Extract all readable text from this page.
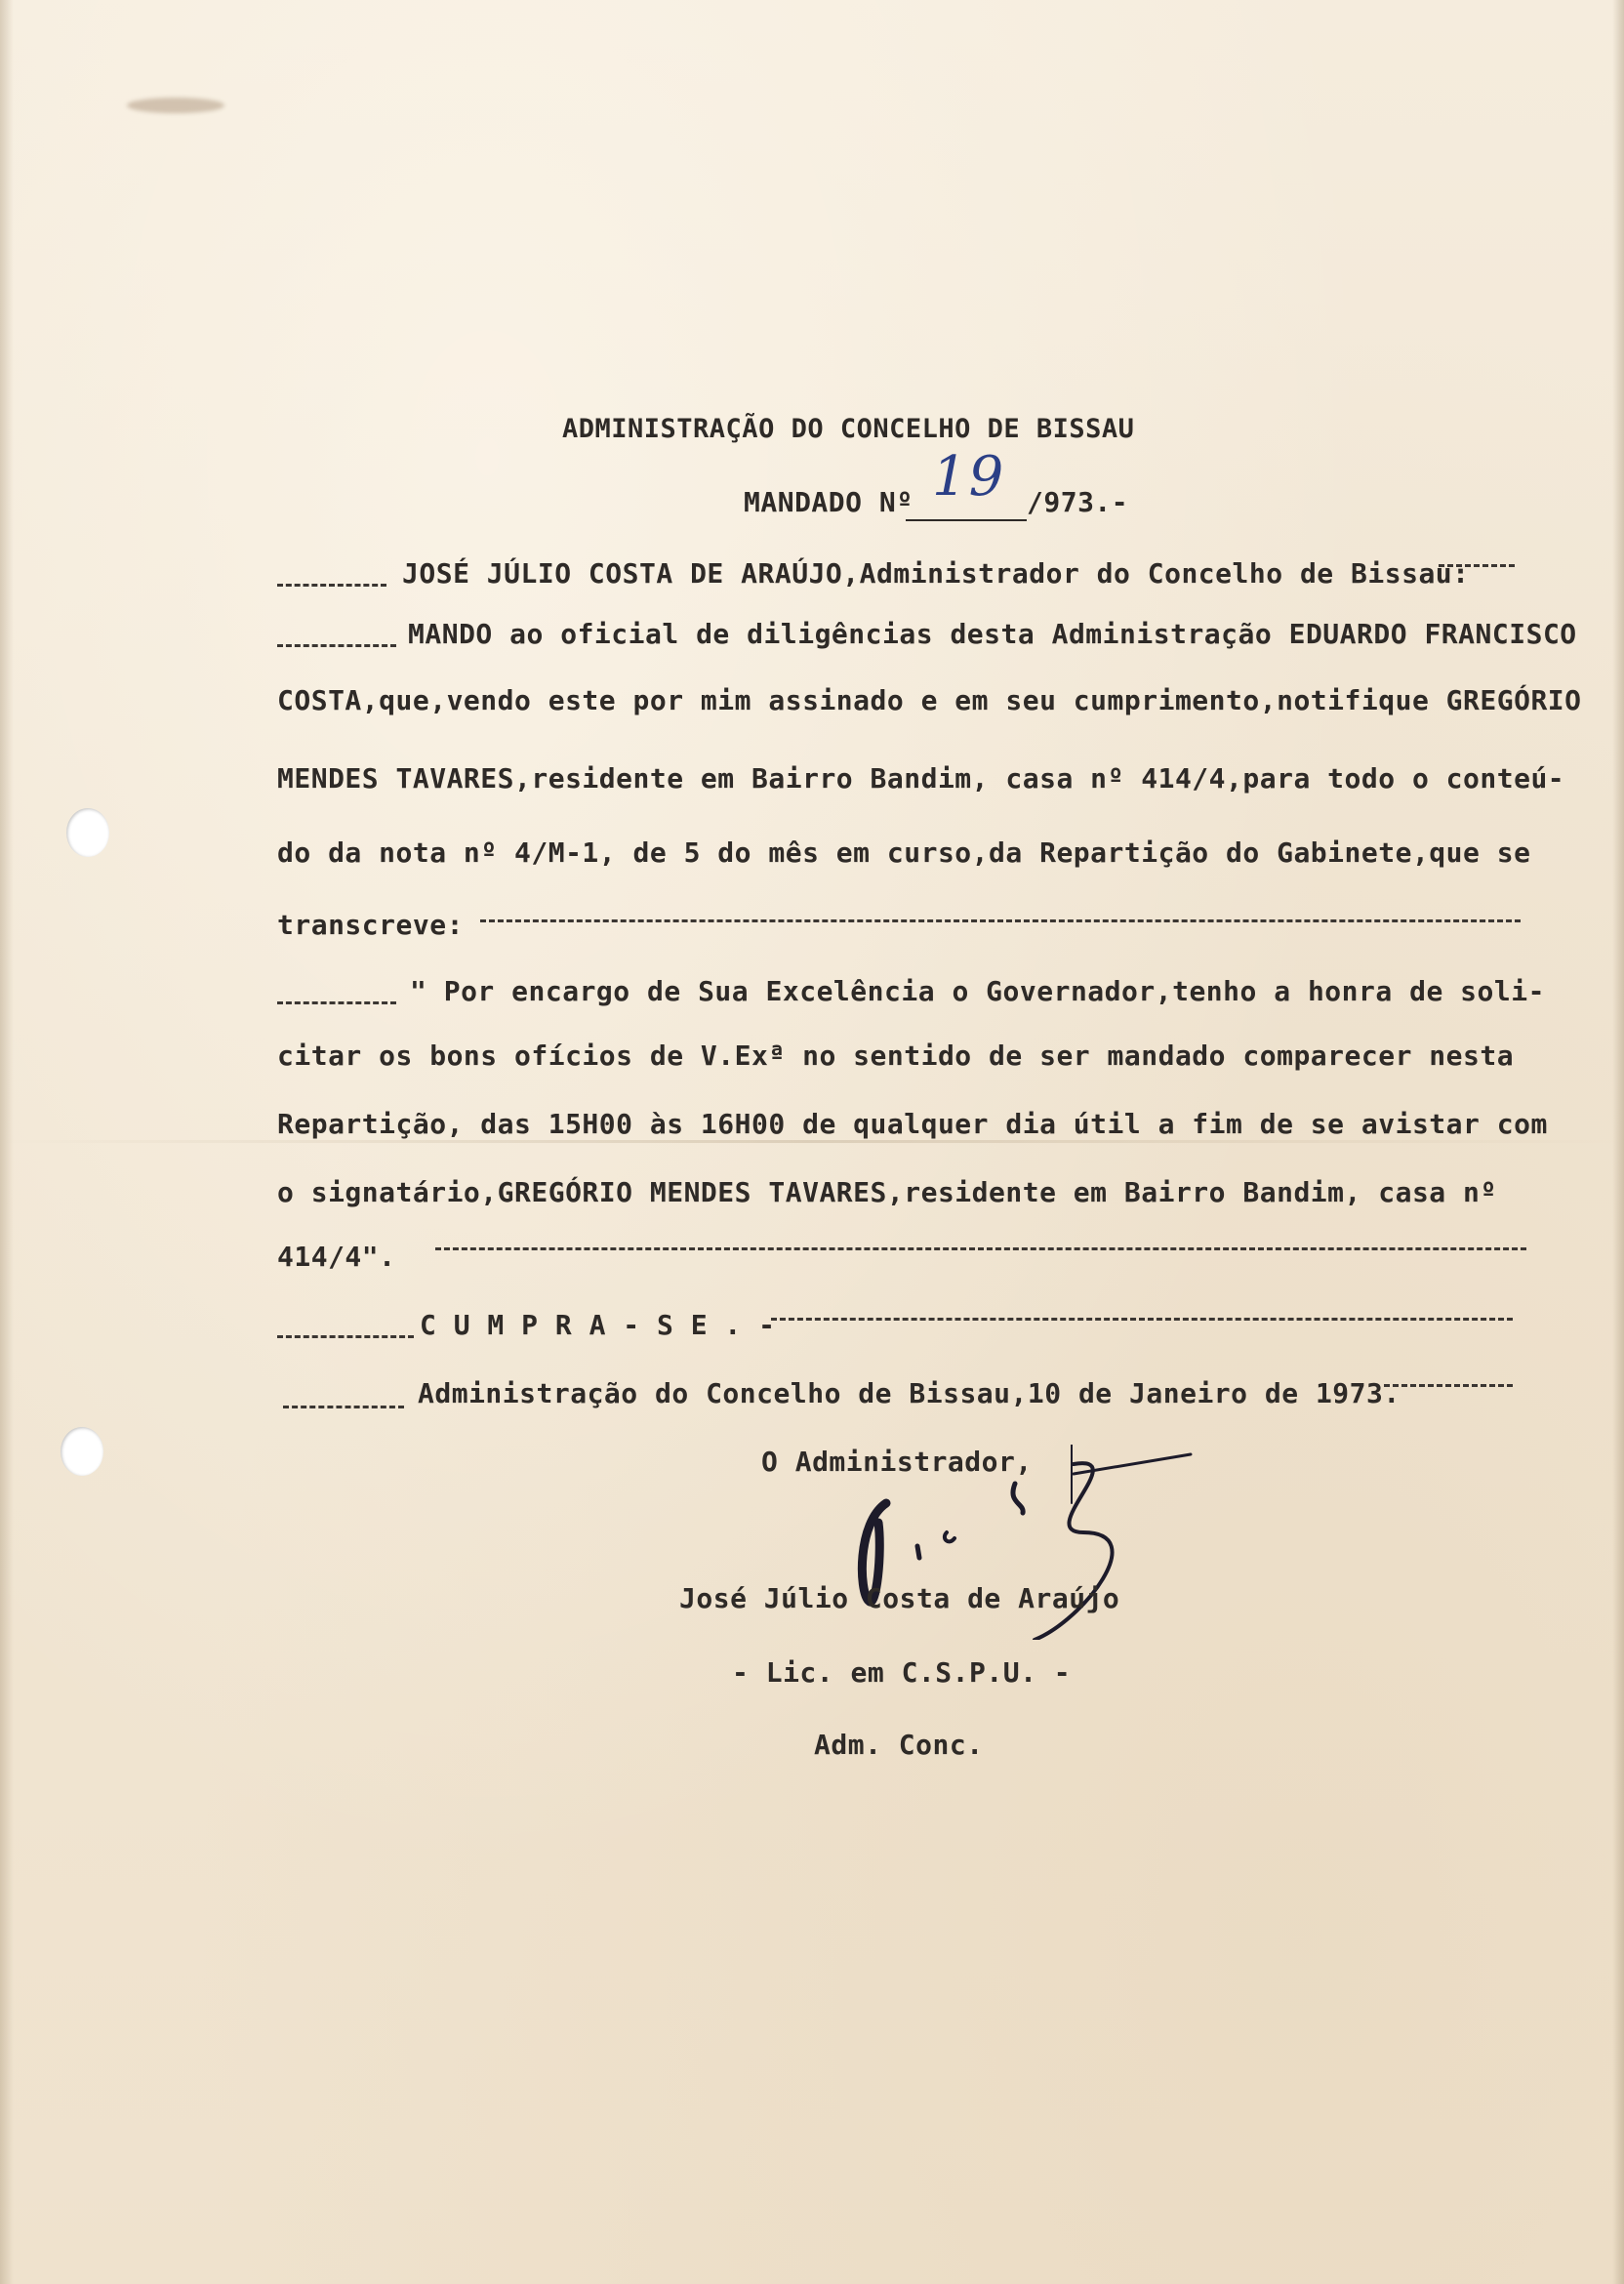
ADMINISTRAÇÃO DO CONCELHO DE BISSAU
MANDADO Nº 19 /973.-
JOSÉ JÚLIO COSTA DE ARAÚJO,Administrador do Concelho de Bissau:
MANDO ao oficial de diligências desta Administração EDUARDO FRANCISCO
COSTA,que,vendo este por mim assinado e em seu cumprimento,notifique GREGÓRIO
MENDES TAVARES,residente em Bairro Bandim, casa nº 414/4,para todo o conteú-
do da nota nº 4/M-1, de 5 do mês em curso,da Repartição do Gabinete,que se
transcreve:
" Por encargo de Sua Excelência o Governador,tenho a honra de soli-
citar os bons ofícios de V.Exª no sentido de ser mandado comparecer nesta
Repartição, das 15H00 às 16H00 de qualquer dia útil a fim de se avistar com
o signatário,GREGÓRIO MENDES TAVARES,residente em Bairro Bandim, casa nº
414/4".
C U M P R A - S E . -
Administração do Concelho de Bissau,10 de Janeiro de 1973.
O Administrador,
José Júlio Costa de Araújo
- Lic. em C.S.P.U. -
Adm. Conc.
